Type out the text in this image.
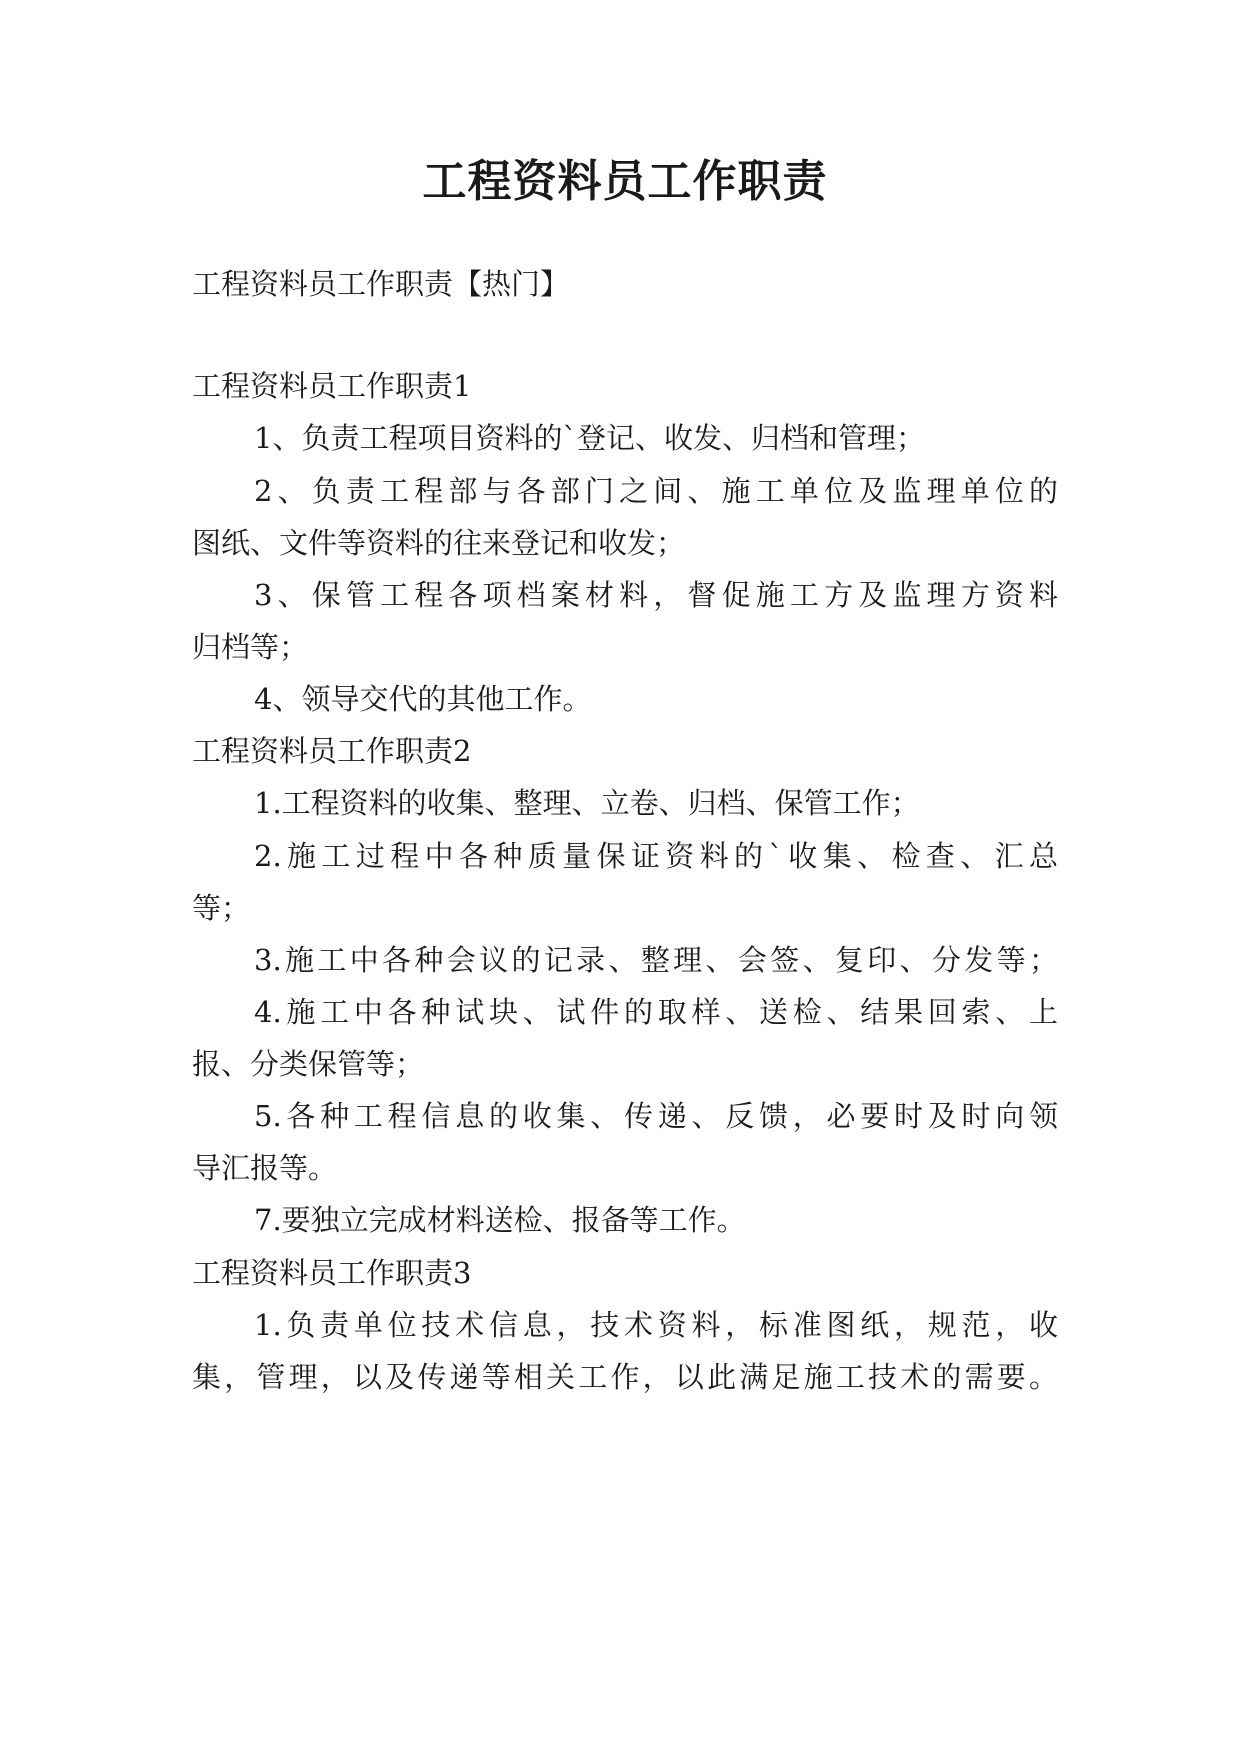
工程资料员工作职责

工程资料员工作职责【热门】

工程资料员工作职责1

1、负责工程项目资料的`登记、收发、归档和管理；

2、负责工程部与各部门之间、施工单位及监理单位的

图纸、文件等资料的往来登记和收发；

3、保管工程各项档案材料，督促施工方及监理方资料

归档等；

4、领导交代的其他工作。

工程资料员工作职责2

1.工程资料的收集、整理、立卷、归档、保管工作；

2.施工过程中各种质量保证资料的`收集、检查、汇总

等；

3.施工中各种会议的记录、整理、会签、复印、分发等；

4.施工中各种试块、试件的取样、送检、结果回索、上

报、分类保管等；

5.各种工程信息的收集、传递、反馈，必要时及时向领

导汇报等。

7.要独立完成材料送检、报备等工作。

工程资料员工作职责3

1.负责单位技术信息，技术资料，标准图纸，规范，收

集，管理，以及传递等相关工作，以此满足施工技术的需要。
